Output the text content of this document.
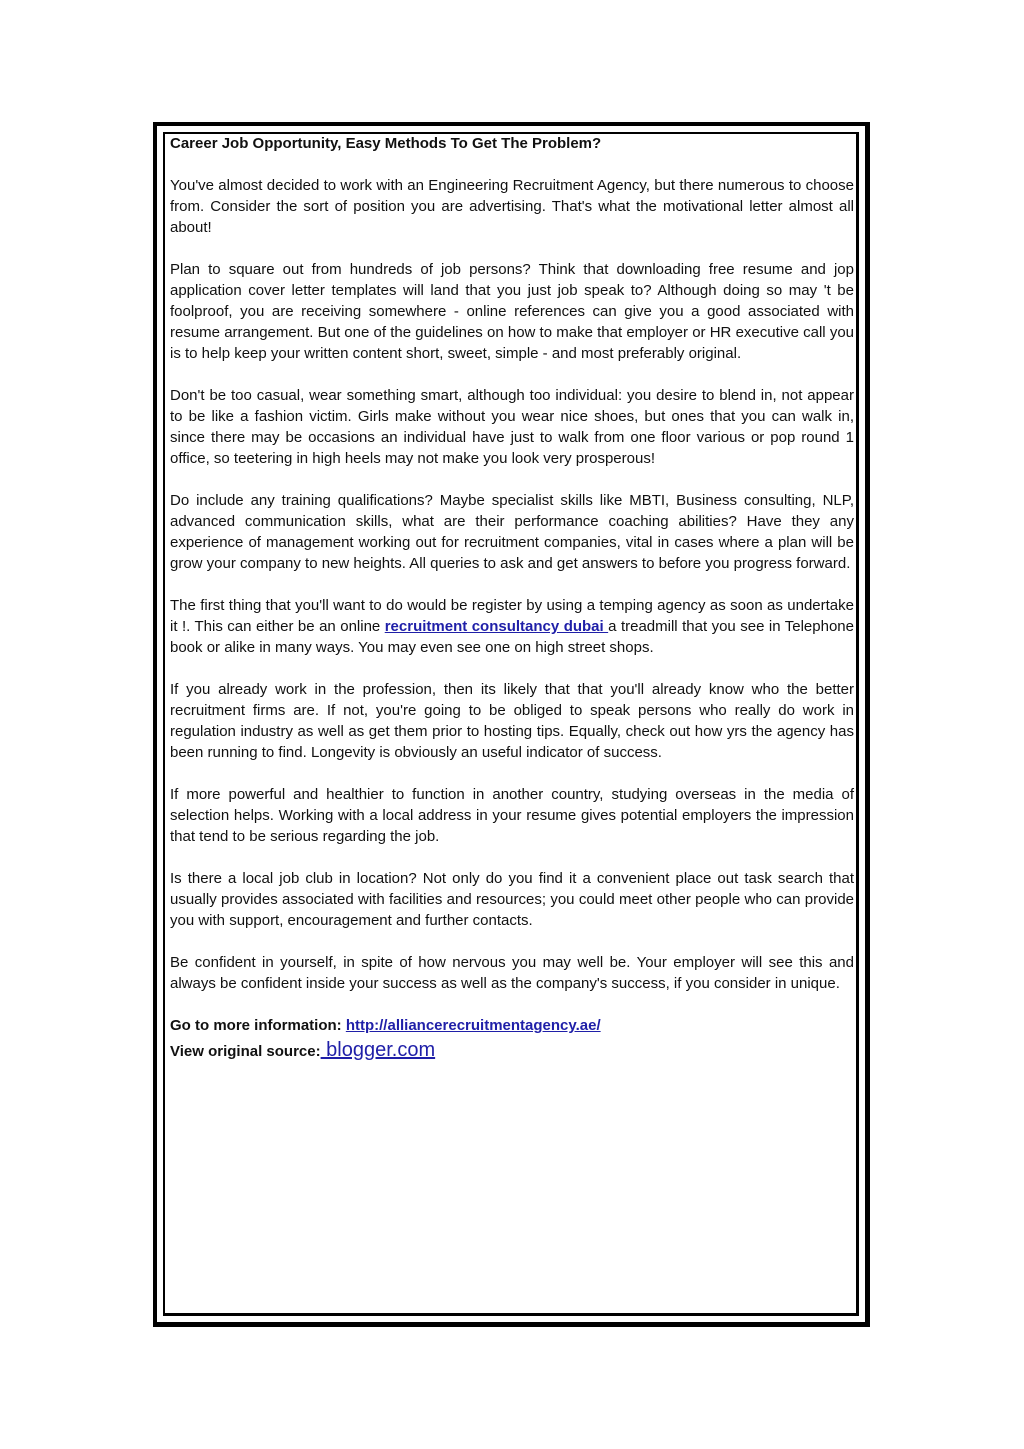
Career Job Opportunity, Easy Methods To Get The Problem?

You've almost decided to work with an Engineering Recruitment Agency, but there numerous to choose from. Consider the sort of position you are advertising. That's what the motivational letter almost all about!

Plan to square out from hundreds of job persons? Think that downloading free resume and jop application cover letter templates will land that you just job speak to? Although doing so may 't be foolproof, you are receiving somewhere - online references can give you a good associated with resume arrangement. But one of the guidelines on how to make that employer or HR executive call you is to help keep your written content short, sweet, simple - and most preferably original.

Don't be too casual, wear something smart, although too individual: you desire to blend in, not appear to be like a fashion victim. Girls make without you wear nice shoes, but ones that you can walk in, since there may be occasions an individual have just to walk from one floor various or pop round 1 office, so teetering in high heels may not make you look very prosperous!

Do include any training qualifications? Maybe specialist skills like MBTI, Business consulting, NLP, advanced communication skills, what are their performance coaching abilities? Have they any experience of management working out for recruitment companies, vital in cases where a plan will be grow your company to new heights. All queries to ask and get answers to before you progress forward.

The first thing that you'll want to do would be register by using a temping agency as soon as undertake it !. This can either be an online recruitment consultancy dubai a treadmill that you see in Telephone book or alike in many ways. You may even see one on high street shops.

If you already work in the profession, then its likely that that you'll already know who the better recruitment firms are. If not, you're going to be obliged to speak persons who really do work in regulation industry as well as get them prior to hosting tips. Equally, check out how yrs the agency has been running to find. Longevity is obviously an useful indicator of success.

If more powerful and healthier to function in another country, studying overseas in the media of selection helps. Working with a local address in your resume gives potential employers the impression that tend to be serious regarding the job.

Is there a local job club in location? Not only do you find it a convenient place out task search that usually provides associated with facilities and resources; you could meet other people who can provide you with support, encouragement and further contacts.

Be confident in yourself, in spite of how nervous you may well be. Your employer will see this and always be confident inside your success as well as the company's success, if you consider in unique.

Go to more information: http://alliancerecruitmentagency.ae/

View original source: blogger.com
